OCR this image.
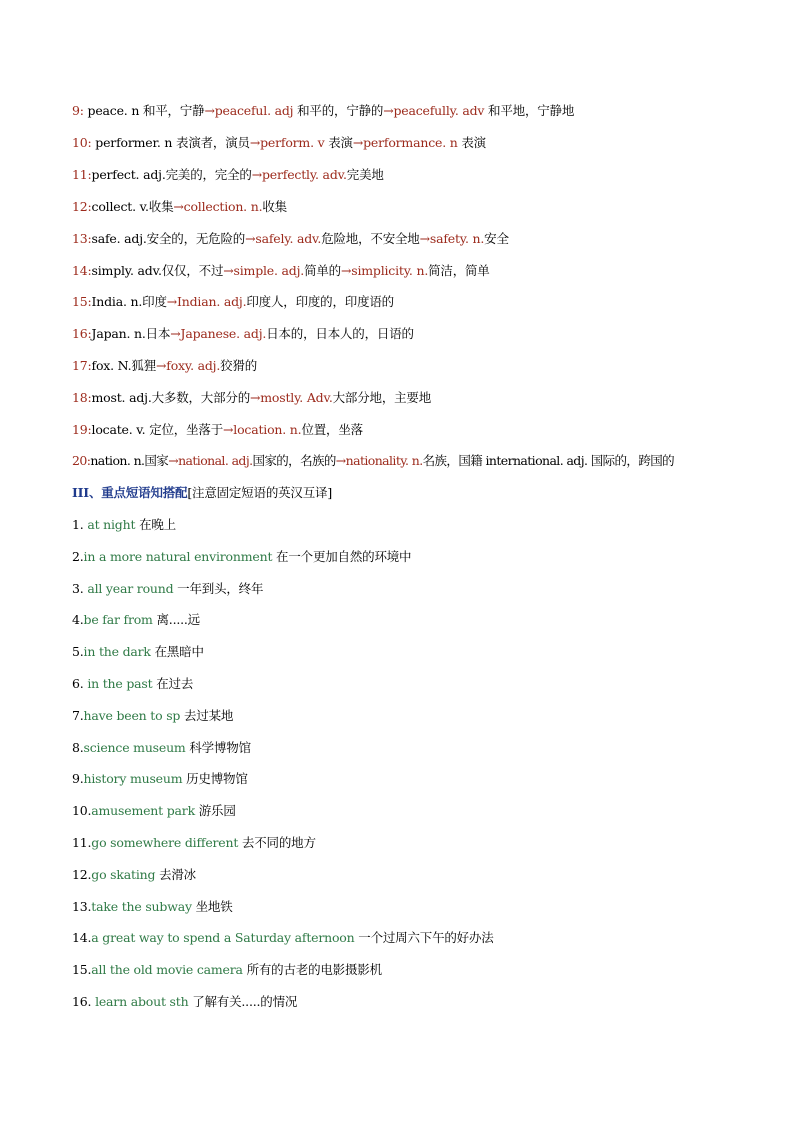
9: peace. n 和平，宁静→peaceful. adj 和平的，宁静的→peacefully. adv 和平地，宁静地
10: performer. n 表演者，演员→perform. v 表演→performance. n 表演
11:perfect. adj.完美的，完全的→perfectly. adv.完美地
12:collect. v.收集→collection. n.收集
13:safe. adj.安全的，无危险的→safely. adv.危险地，不安全地→safety. n.安全
14:simply. adv.仅仅，不过→simple. adj.简单的→simplicity. n.简洁，简单
15:India. n.印度→Indian. adj.印度人，印度的，印度语的
16:Japan. n.日本→Japanese. adj.日本的，日本人的，日语的
17:fox. N.狐狸→foxy. adj.狡猾的
18:most. adj.大多数，大部分的→mostly. Adv.大部分地，主要地
19:locate. v. 定位，坐落于→location. n.位置，坐落
20:nation. n.国家→national. adj.国家的，名族的→nationality. n.名族，国籍 international. adj. 国际的，跨国的
III、重点短语知搭配[注意固定短语的英汉互译]
1. at night 在晚上
2.in a more natural environment 在一个更加自然的环境中
3. all year round 一年到头，终年
4.be far from 离.....远
5.in the dark 在黑暗中
6. in the past 在过去
7.have been to sp 去过某地
8.science museum 科学博物馆
9.history museum 历史博物馆
10.amusement park 游乐园
11.go somewhere different 去不同的地方
12.go skating 去滑冰
13.take the subway 坐地铁
14.a great way to spend a Saturday afternoon 一个过周六下午的好办法
15.all the old movie camera 所有的古老的电影摄影机
16. learn about sth 了解有关.....的情况
